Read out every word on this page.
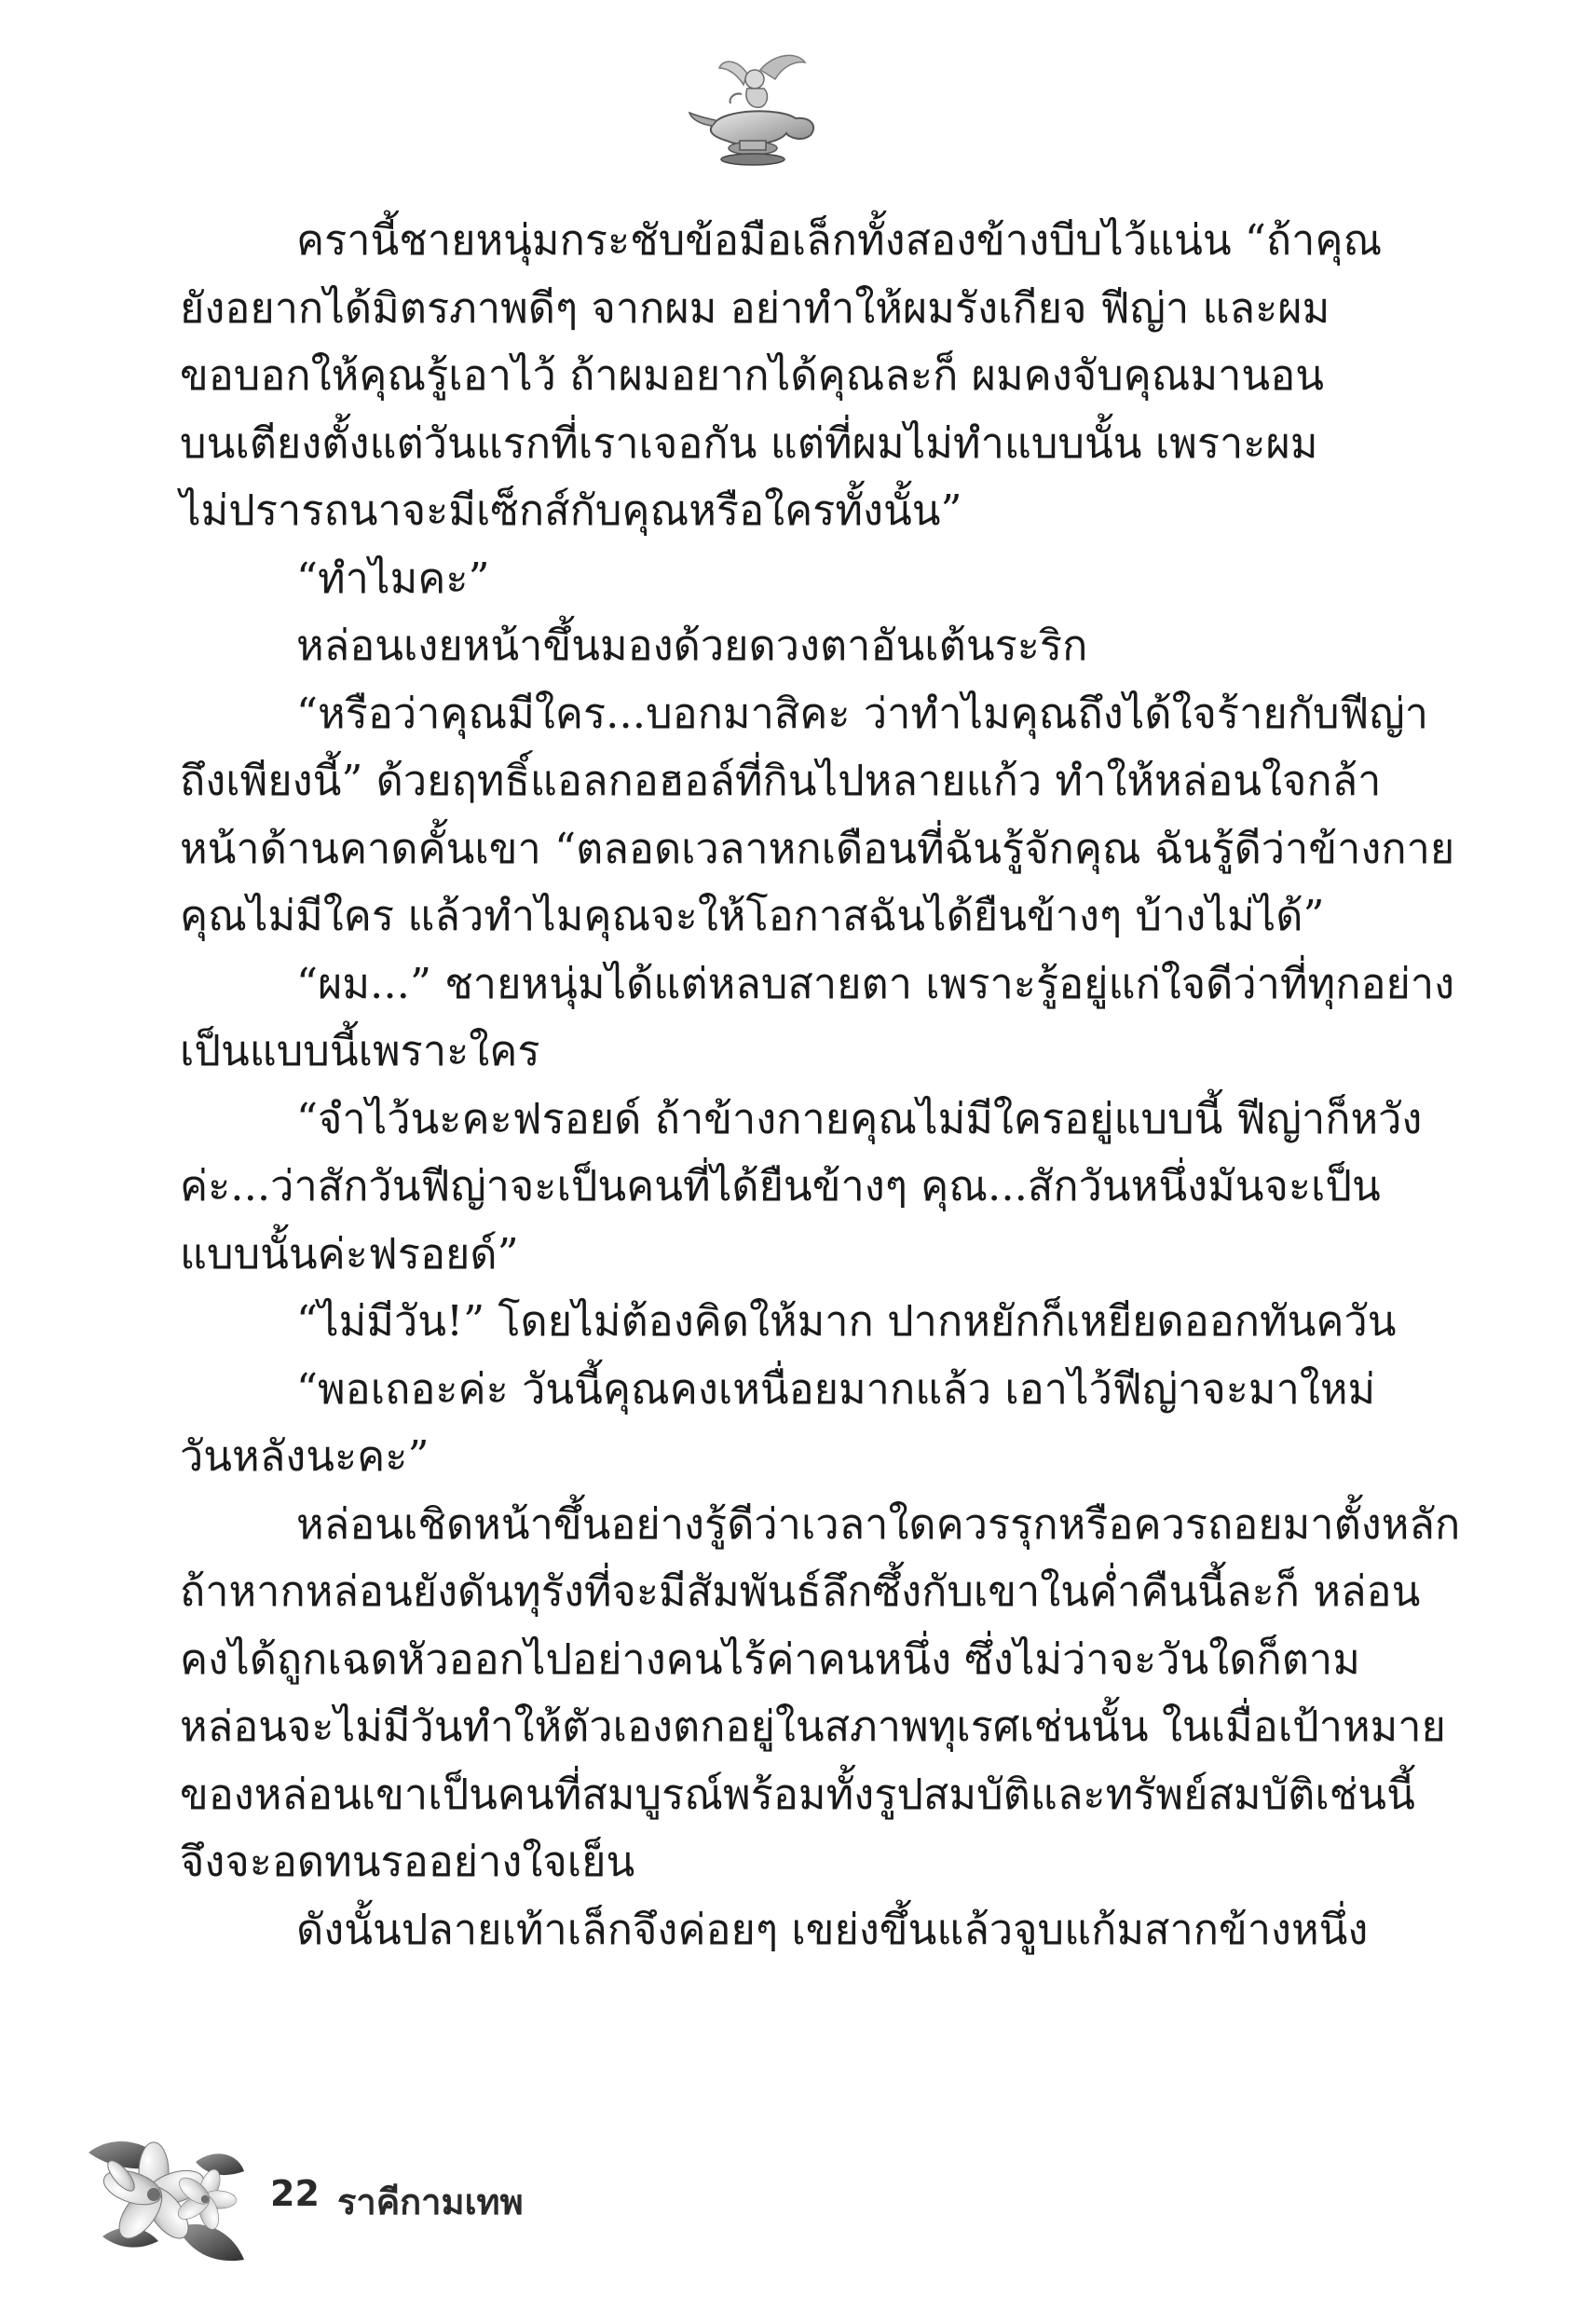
ครานี้ชายหนุ่มกระชับข้อมือเล็กทั้งสองข้างบีบไว้แน่น “ถ้าคุณ
ยังอยากได้มิตรภาพดีๆ จากผม อย่าทำให้ผมรังเกียจ ฟีญ่า และผม
ขอบอกให้คุณรู้เอาไว้ ถ้าผมอยากได้คุณละก็ ผมคงจับคุณมานอน
บนเตียงตั้งแต่วันแรกที่เราเจอกัน แต่ที่ผมไม่ทำแบบนั้น เพราะผม
ไม่ปรารถนาจะมีเซ็กส์กับคุณหรือใครทั้งนั้น”
“ทำไมคะ”
หล่อนเงยหน้าขึ้นมองด้วยดวงตาอันเต้นระริก
“หรือว่าคุณมีใคร...บอกมาสิคะ ว่าทำไมคุณถึงได้ใจร้ายกับฟีญ่า
ถึงเพียงนี้” ด้วยฤทธิ์แอลกอฮอล์ที่กินไปหลายแก้ว ทำให้หล่อนใจกล้า
หน้าด้านคาดคั้นเขา “ตลอดเวลาหกเดือนที่ฉันรู้จักคุณ ฉันรู้ดีว่าข้างกาย
คุณไม่มีใคร แล้วทำไมคุณจะให้โอกาสฉันได้ยืนข้างๆ บ้างไม่ได้”
“ผม...” ชายหนุ่มได้แต่หลบสายตา เพราะรู้อยู่แก่ใจดีว่าที่ทุกอย่าง
เป็นแบบนี้เพราะใคร
“จำไว้นะคะฟรอยด์ ถ้าข้างกายคุณไม่มีใครอยู่แบบนี้ ฟีญ่าก็หวัง
ค่ะ...ว่าสักวันฟีญ่าจะเป็นคนที่ได้ยืนข้างๆ คุณ...สักวันหนึ่งมันจะเป็น
แบบนั้นค่ะฟรอยด์”
“ไม่มีวัน!” โดยไม่ต้องคิดให้มาก ปากหยักก็เหยียดออกทันควัน
“พอเถอะค่ะ วันนี้คุณคงเหนื่อยมากแล้ว เอาไว้ฟีญ่าจะมาใหม่
วันหลังนะคะ”
หล่อนเชิดหน้าขึ้นอย่างรู้ดีว่าเวลาใดควรรุกหรือควรถอยมาตั้งหลัก
ถ้าหากหล่อนยังดันทุรังที่จะมีสัมพันธ์ลึกซึ้งกับเขาในค่ำคืนนี้ละก็ หล่อน
คงได้ถูกเฉดหัวออกไปอย่างคนไร้ค่าคนหนึ่ง ซึ่งไม่ว่าจะวันใดก็ตาม
หล่อนจะไม่มีวันทำให้ตัวเองตกอยู่ในสภาพทุเรศเช่นนั้น ในเมื่อเป้าหมาย
ของหล่อนเขาเป็นคนที่สมบูรณ์พร้อมทั้งรูปสมบัติและทรัพย์สมบัติเช่นนี้
จึงจะอดทนรออย่างใจเย็น
ดังนั้นปลายเท้าเล็กจึงค่อยๆ เขย่งขึ้นแล้วจูบแก้มสากข้างหนึ่ง
22 ราคีกามเทพ
